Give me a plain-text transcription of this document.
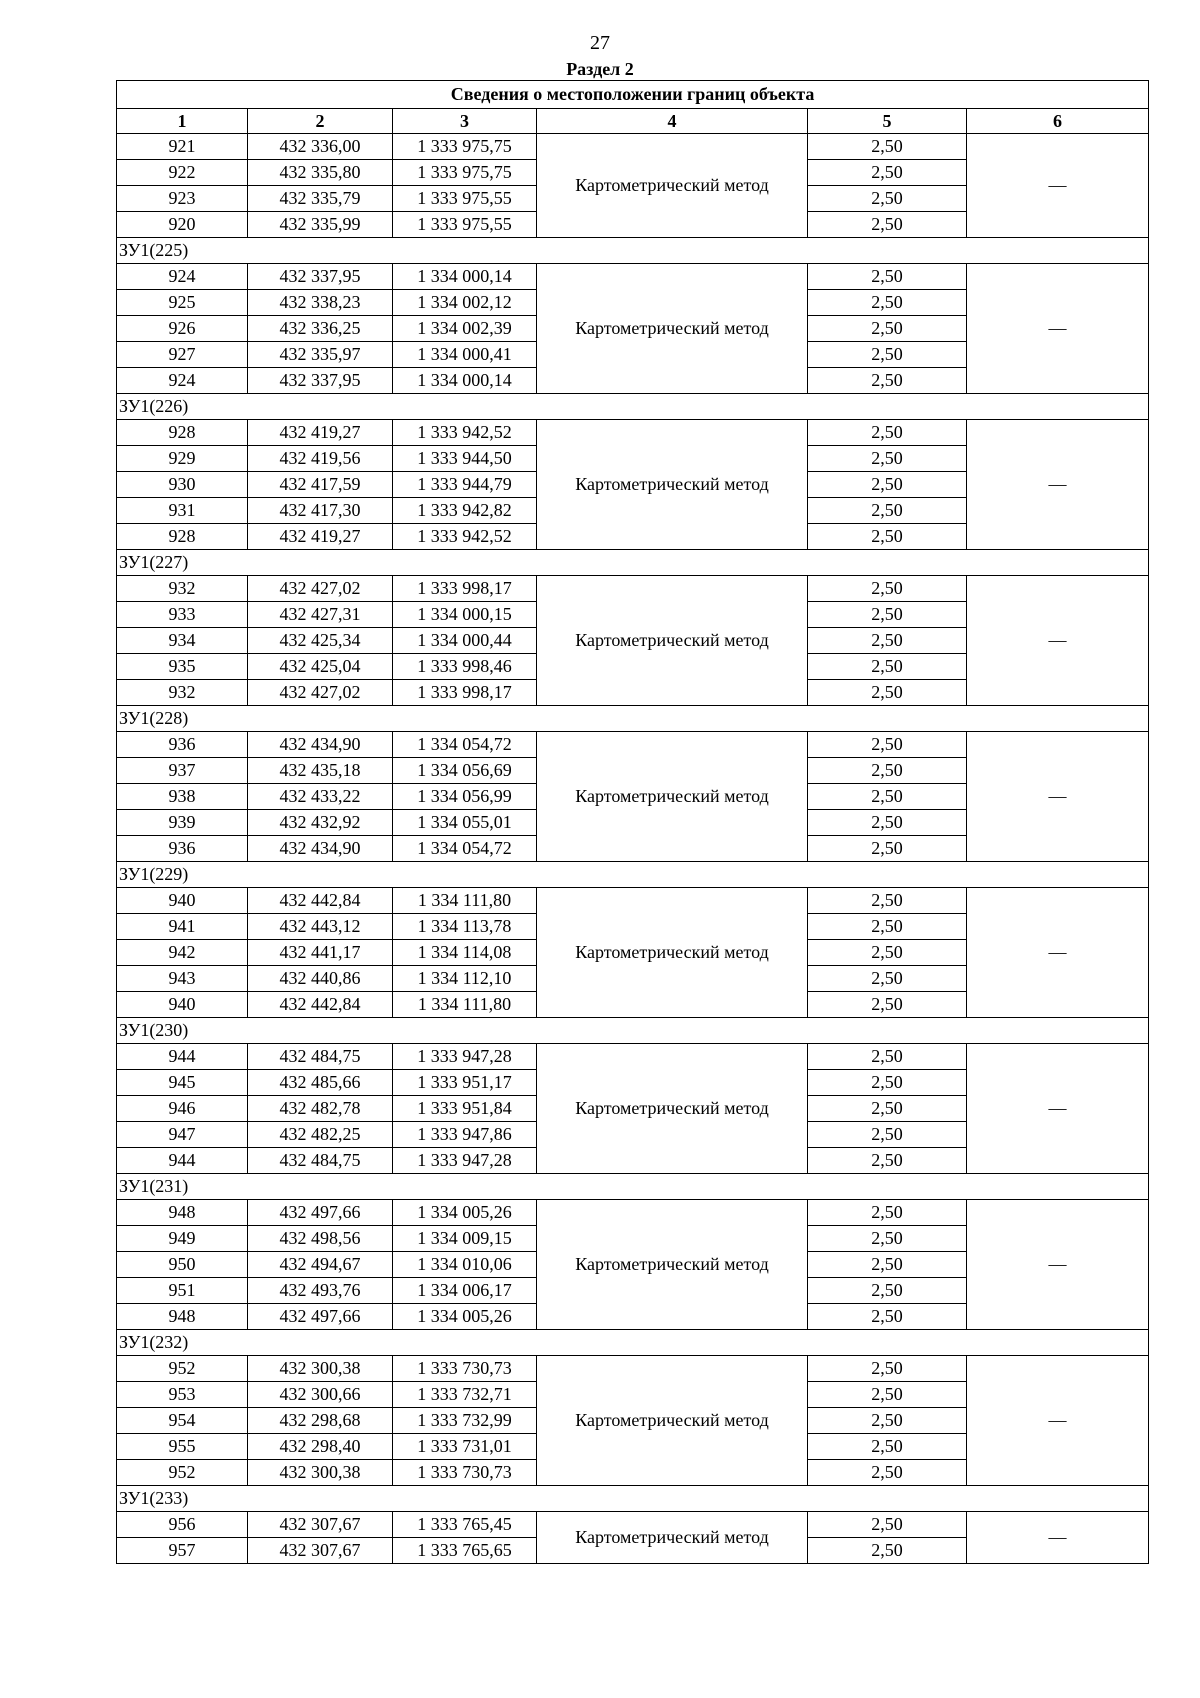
27
Раздел 2
Сведения о местоположении границ объекта					
1	2	3	4	5	6
921	432 336,00	1 333 975,75	Картометрический метод	2,50	—
922	432 335,80	1 333 975,75		2,50	
923	432 335,79	1 333 975,55		2,50	
920	432 335,99	1 333 975,55		2,50	
ЗУ1(225)					
924	432 337,95	1 334 000,14	Картометрический метод	2,50	—
925	432 338,23	1 334 002,12		2,50	
926	432 336,25	1 334 002,39		2,50	
927	432 335,97	1 334 000,41		2,50	
924	432 337,95	1 334 000,14		2,50	
ЗУ1(226)					
928	432 419,27	1 333 942,52	Картометрический метод	2,50	—
929	432 419,56	1 333 944,50		2,50	
930	432 417,59	1 333 944,79		2,50	
931	432 417,30	1 333 942,82		2,50	
928	432 419,27	1 333 942,52		2,50	
ЗУ1(227)					
932	432 427,02	1 333 998,17	Картометрический метод	2,50	—
933	432 427,31	1 334 000,15		2,50	
934	432 425,34	1 334 000,44		2,50	
935	432 425,04	1 333 998,46		2,50	
932	432 427,02	1 333 998,17		2,50	
ЗУ1(228)					
936	432 434,90	1 334 054,72	Картометрический метод	2,50	—
937	432 435,18	1 334 056,69		2,50	
938	432 433,22	1 334 056,99		2,50	
939	432 432,92	1 334 055,01		2,50	
936	432 434,90	1 334 054,72		2,50	
ЗУ1(229)					
940	432 442,84	1 334 111,80	Картометрический метод	2,50	—
941	432 443,12	1 334 113,78		2,50	
942	432 441,17	1 334 114,08		2,50	
943	432 440,86	1 334 112,10		2,50	
940	432 442,84	1 334 111,80		2,50	
ЗУ1(230)					
944	432 484,75	1 333 947,28	Картометрический метод	2,50	—
945	432 485,66	1 333 951,17		2,50	
946	432 482,78	1 333 951,84		2,50	
947	432 482,25	1 333 947,86		2,50	
944	432 484,75	1 333 947,28		2,50	
ЗУ1(231)					
948	432 497,66	1 334 005,26	Картометрический метод	2,50	—
949	432 498,56	1 334 009,15		2,50	
950	432 494,67	1 334 010,06		2,50	
951	432 493,76	1 334 006,17		2,50	
948	432 497,66	1 334 005,26		2,50	
ЗУ1(232)					
952	432 300,38	1 333 730,73	Картометрический метод	2,50	—
953	432 300,66	1 333 732,71		2,50	
954	432 298,68	1 333 732,99		2,50	
955	432 298,40	1 333 731,01		2,50	
952	432 300,38	1 333 730,73		2,50	
ЗУ1(233)					
956	432 307,67	1 333 765,45	Картометрический метод	2,50	—
957	432 307,67	1 333 765,65		2,50	
